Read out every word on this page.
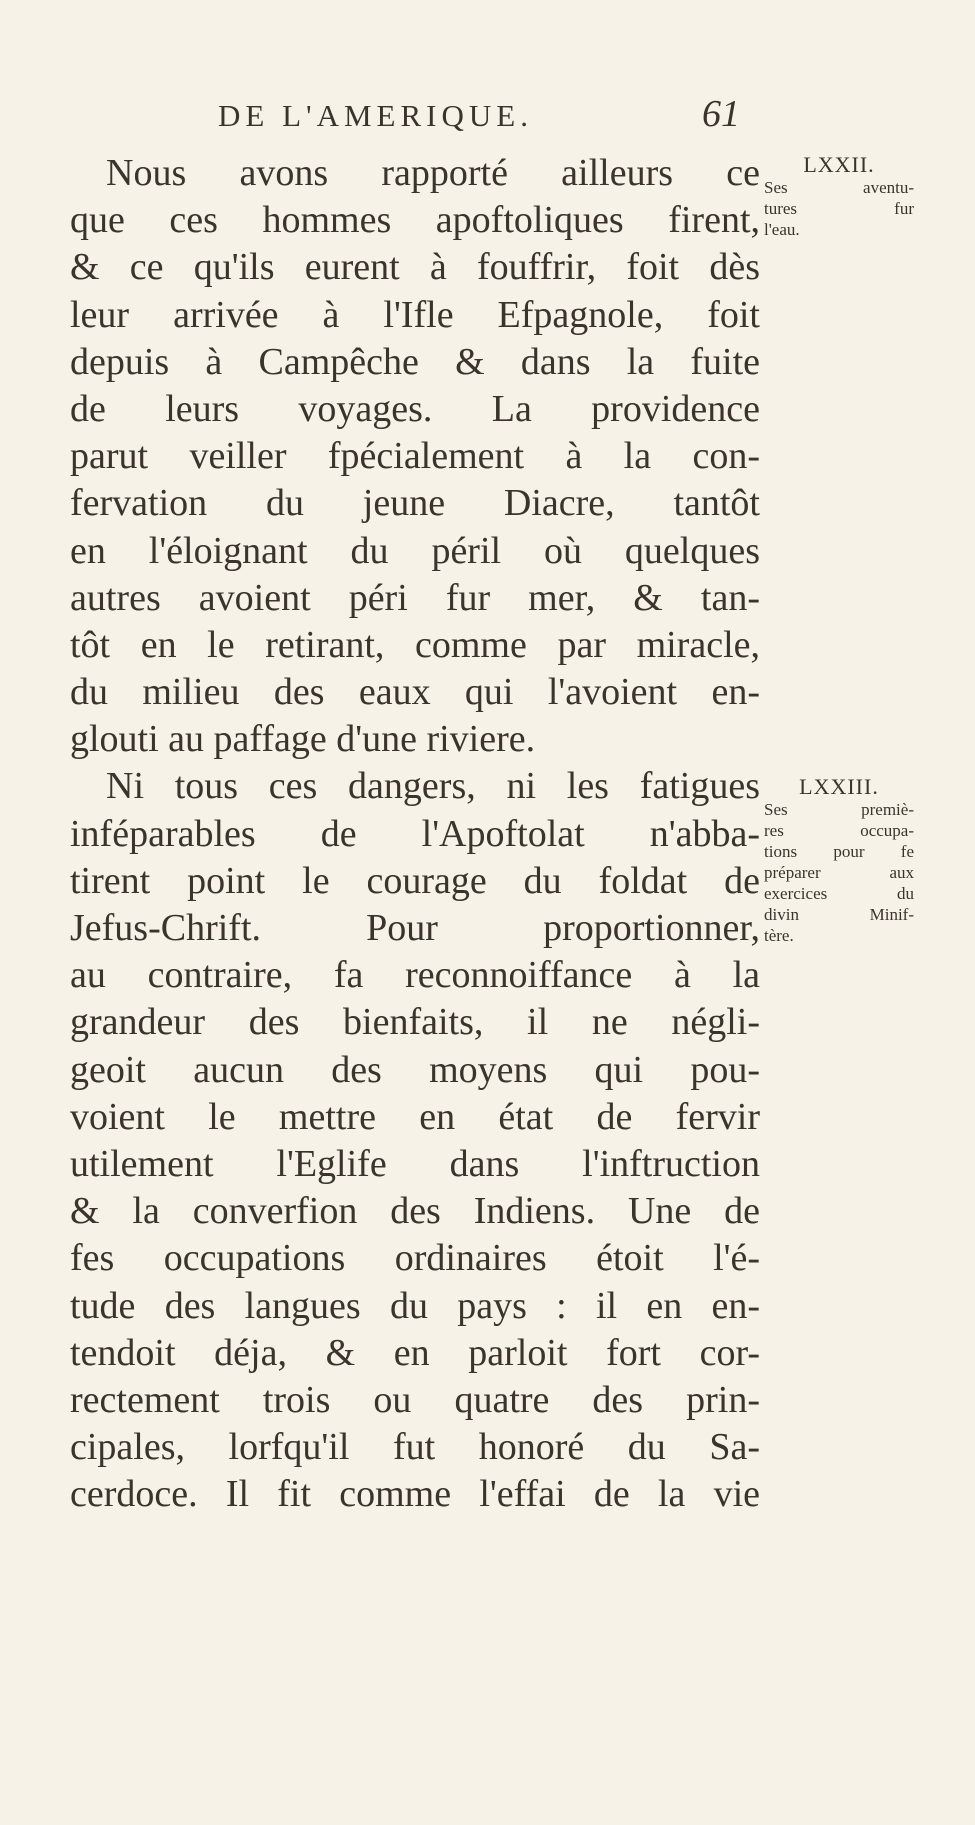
DE L'AMERIQUE.	61
Nous avons rapporté ailleurs ce
que ces hommes apoftoliques firent,
& ce qu'ils eurent à fouffrir, foit dès
leur arrivée à l'Ifle Efpagnole, foit
depuis à Campêche & dans la fuite
de leurs voyages. La providence
parut veiller fpécialement à la con-
fervation du jeune Diacre, tantôt
en l'éloignant du péril où quelques
autres avoient péri fur mer, & tan-
tôt en le retirant, comme par miracle,
du milieu des eaux qui l'avoient en-
glouti au paffage d'une riviere.
Ni tous ces dangers, ni les fatigues
inféparables de l'Apoftolat n'abba-
tirent point le courage du foldat de
Jefus-Chrift. Pour proportionner,
au contraire, fa reconnoiffance à la
grandeur des bienfaits, il ne négli-
geoit aucun des moyens qui pou-
voient le mettre en état de fervir
utilement l'Eglife dans l'inftruction
& la converfion des Indiens. Une de
fes occupations ordinaires étoit l'é-
tude des langues du pays : il en en-
tendoit déja, & en parloit fort cor-
rectement trois ou quatre des prin-
cipales, lorfqu'il fut honoré du Sa-
cerdoce. Il fit comme l'effai de la vie
LXXII.
Ses aventu-
tures fur
l'eau.
LXXIII.
Ses premiè-
res occupa-
tions pour fe
préparer aux
exercices du
divin Minif-
tère.
